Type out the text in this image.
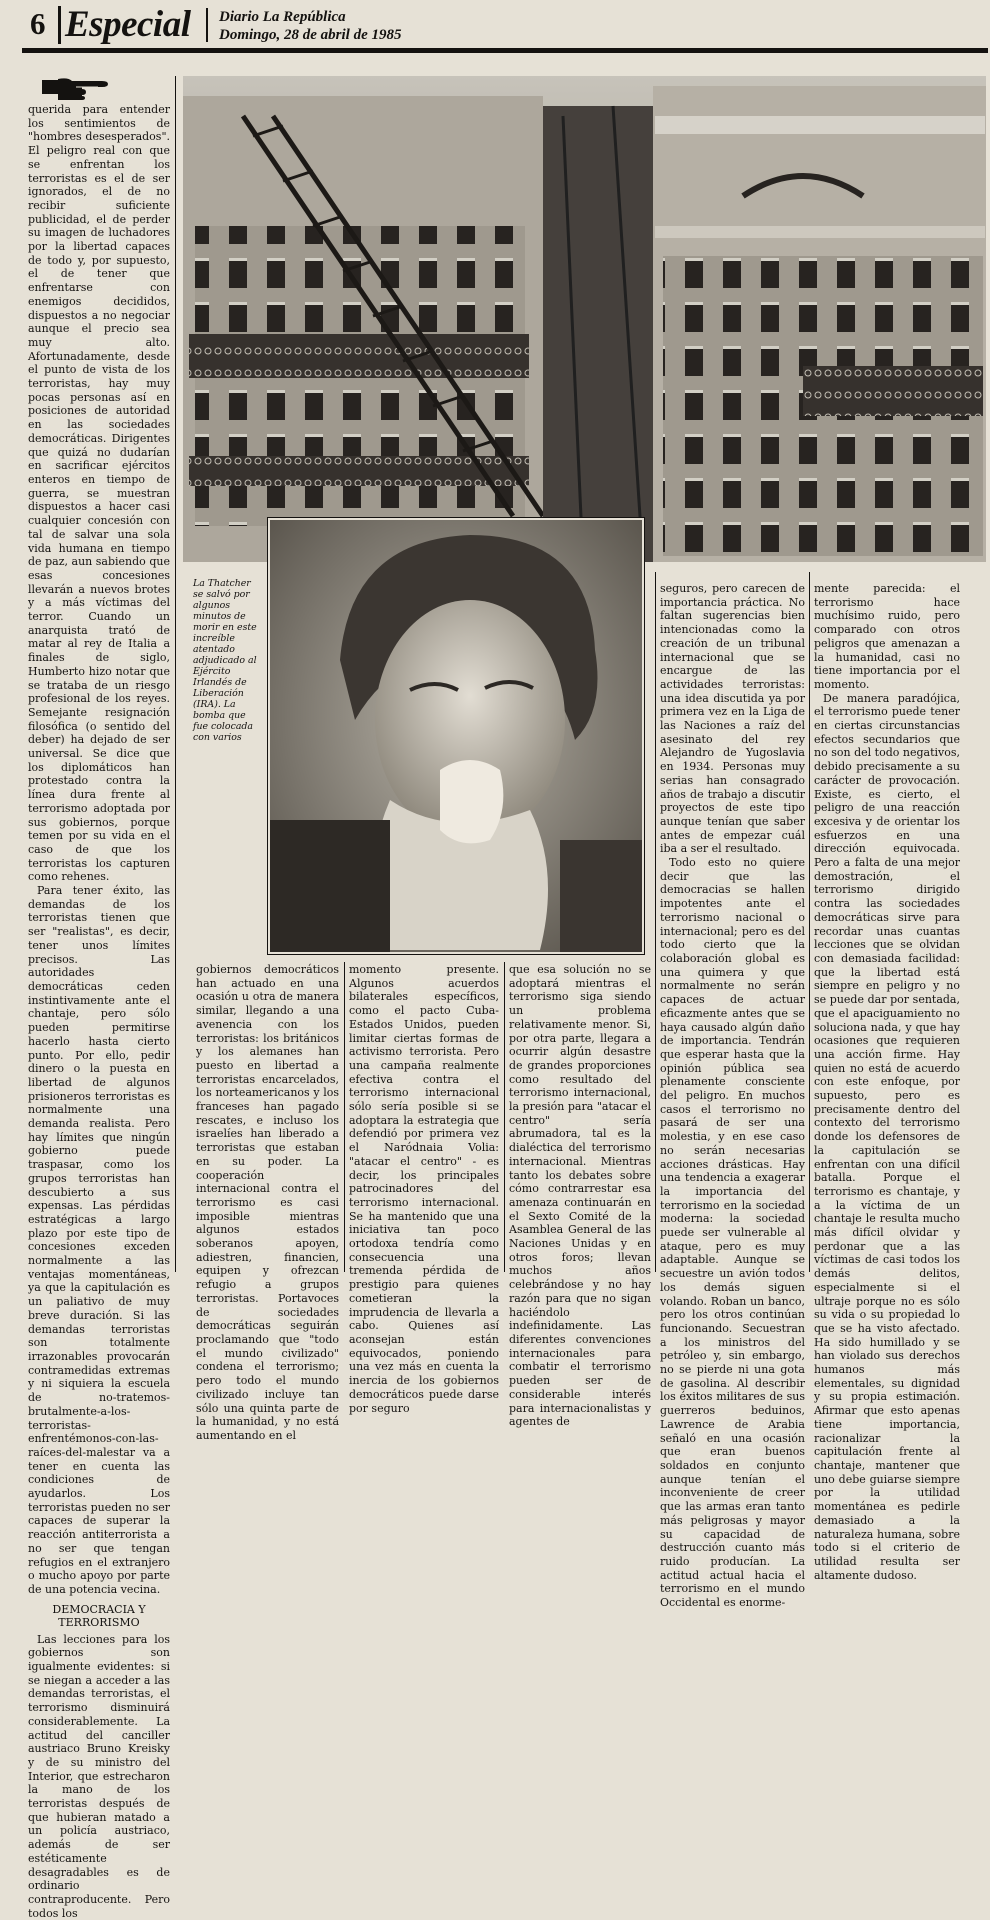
6 Especial Diario La República
Domingo, 28 de abril de 1985

querida para entender los sentimientos de "hombres desesperados". El peligro real con que se enfrentan los terroristas es el de ser ignorados, el de no recibir suficiente publicidad, el de perder su imagen de luchadores por la libertad capaces de todo y, por supuesto, el de tener que enfrentarse con enemigos decididos, dispuestos a no negociar aunque el precio sea muy alto. Afortunadamente, desde el punto de vista de los terroristas, hay muy pocas personas así en posiciones de autoridad en las sociedades democráticas. Dirigentes que quizá no dudarían en sacrificar ejércitos enteros en tiempo de guerra, se muestran dispuestos a hacer casi cualquier concesión con tal de salvar una sola vida humana en tiempo de paz, aun sabiendo que esas concesiones llevarán a nuevos brotes y a más víctimas del terror. Cuando un anarquista trató de matar al rey de Italia a finales de siglo, Humberto hizo notar que se trataba de un riesgo profesional de los reyes. Semejante resignación filosófica (o sentido del deber) ha dejado de ser universal. Se dice que los diplomáticos han protestado contra la línea dura frente al terrorismo adoptada por sus gobiernos, porque temen por su vida en el caso de que los terroristas los capturen como rehenes.

Para tener éxito, las demandas de los terroristas tienen que ser "realistas", es decir, tener unos límites precisos. Las autoridades democráticas ceden instintivamente ante el chantaje, pero sólo pueden permitirse hacerlo hasta cierto punto. Por ello, pedir dinero o la puesta en libertad de algunos prisioneros terroristas es normalmente una demanda realista. Pero hay límites que ningún gobierno puede traspasar, como los grupos terroristas han descubierto a sus expensas. Las pérdidas estratégicas a largo plazo por este tipo de concesiones exceden normalmente a las ventajas momentáneas, ya que la capitulación es un paliativo de muy breve duración. Si las demandas terroristas son totalmente irrazonables provocarán contramedidas extremas y ni siquiera la escuela de no-tratemos-brutalmente-a-los-terroristas-enfrentémonos-con-las-raíces-del-malestar va a tener en cuenta las condiciones de ayudarlos. Los terroristas pueden no ser capaces de superar la reacción antiterrorista a no ser que tengan refugios en el extranjero o mucho apoyo por parte de una potencia vecina.

DEMOCRACIA Y TERRORISMO

Las lecciones para los gobiernos son igualmente evidentes: si se niegan a acceder a las demandas terroristas, el terrorismo disminuirá considerablemente. La actitud del canciller austriaco Bruno Kreisky y de su ministro del Interior, que estrecharon la mano de los terroristas después de que hubieran matado a un policía austriaco, además de ser estéticamente desagradables es de ordinario contraproducente. Pero todos los

La Thatcher se salvó por algunos minutos de morir en este increíble atentado adjudicado al Ejército Irlandés de Liberación (IRA). La bomba que fue colocada con varios

gobiernos democráticos han actuado en una ocasión u otra de manera similar, llegando a una avenencia con los terroristas: los británicos y los alemanes han puesto en libertad a terroristas encarcelados, los norteamericanos y los franceses han pagado rescates, e incluso los israelíes han liberado a terroristas que estaban en su poder. La cooperación internacional contra el terrorismo es casi imposible mientras algunos estados soberanos apoyen, adiestren, financien, equipen y ofrezcan refugio a grupos terroristas. Portavoces de sociedades democráticas seguirán proclamando que "todo el mundo civilizado" condena el terrorismo; pero todo el mundo civilizado incluye tan sólo una quinta parte de la humanidad, y no está aumentando en el

momento presente. Algunos acuerdos bilaterales específicos, como el pacto Cuba-Estados Unidos, pueden limitar ciertas formas de activismo terrorista. Pero una campaña realmente efectiva contra el terrorismo internacional sólo sería posible si se adoptara la estrategia que defendió por primera vez el Naródnaia Volia: "atacar el centro" - es decir, los principales patrocinadores del terrorismo internacional. Se ha mantenido que una iniciativa tan poco ortodoxa tendría como consecuencia una tremenda pérdida de prestigio para quienes cometieran la imprudencia de llevarla a cabo. Quienes así aconsejan están equivocados, poniendo una vez más en cuenta la inercia de los gobiernos democráticos puede darse por seguro

seguros, pero carecen de importancia práctica. No faltan sugerencias bien intencionadas como la creación de un tribunal internacional que se encargue de las actividades terroristas: una idea discutida ya por primera vez en la Liga de las Naciones a raíz del asesinato del rey Alejandro de Yugoslavia en 1934. Personas muy serias han consagrado años de trabajo a discutir proyectos de este tipo aunque tenían que saber antes de empezar cuál iba a ser el resultado.

Todo esto no quiere decir que las democracias se hallen impotentes ante el terrorismo nacional o internacional; pero es del todo cierto que la colaboración global es una quimera y que normalmente no serán capaces de actuar eficazmente antes que se haya causado algún daño de importancia. Tendrán que esperar hasta que la opinión pública sea plenamente consciente del peligro. En muchos casos el terrorismo no pasará de ser una molestia, y en ese caso no serán necesarias acciones drásticas. Hay una tendencia a exagerar la importancia del terrorismo en la sociedad moderna: la sociedad puede ser vulnerable al ataque, pero es muy adaptable. Aunque se secuestre un avión todos los demás siguen volando. Roban un banco, pero los otros continúan funcionando. Secuestran a los ministros del petróleo y, sin embargo, no se pierde ni una gota de gasolina. Al describir los éxitos militares de sus guerreros beduinos, Lawrence de Arabia señaló en una ocasión que eran buenos soldados en conjunto aunque tenían el inconveniente de creer que las armas eran tanto más peligrosas y mayor su capacidad de destrucción cuanto más ruido producían. La actitud actual hacia el terrorismo en el mundo Occidental es enorme-

que esa solución no se adoptará mientras el terrorismo siga siendo un problema relativamente menor. Si, por otra parte, llegara a ocurrir algún desastre de grandes proporciones como resultado del terrorismo internacional, la presión para "atacar el centro" sería abrumadora, tal es la dialéctica del terrorismo internacional. Mientras tanto los debates sobre cómo contrarrestar esa amenaza continuarán en el Sexto Comité de la Asamblea General de las Naciones Unidas y en otros foros; llevan muchos años celebrándose y no hay razón para que no sigan haciéndolo indefinidamente. Las diferentes convenciones internacionales para combatir el terrorismo pueden ser de considerable interés para internacionalistas y agentes de

mente parecida: el terrorismo hace muchísimo ruido, pero comparado con otros peligros que amenazan a la humanidad, casi no tiene importancia por el momento.

De manera paradójica, el terrorismo puede tener en ciertas circunstancias efectos secundarios que no son del todo negativos, debido precisamente a su carácter de provocación. Existe, es cierto, el peligro de una reacción excesiva y de orientar los esfuerzos en una dirección equivocada. Pero a falta de una mejor demostración, el terrorismo dirigido contra las sociedades democráticas sirve para recordar unas cuantas lecciones que se olvidan con demasiada facilidad: que la libertad está siempre en peligro y no se puede dar por sentada, que el apaciguamiento no soluciona nada, y que hay ocasiones que requieren una acción firme. Hay quien no está de acuerdo con este enfoque, por supuesto, pero es precisamente dentro del contexto del terrorismo donde los defensores de la capitulación se enfrentan con una difícil batalla. Porque el terrorismo es chantaje, y a la víctima de un chantaje le resulta mucho más difícil olvidar y perdonar que a las víctimas de casi todos los demás delitos, especialmente si el ultraje porque no es sólo su vida o su propiedad lo que se ha visto afectado. Ha sido humillado y se han violado sus derechos humanos más elementales, su dignidad y su propia estimación. Afirmar que esto apenas tiene importancia, racionalizar la capitulación frente al chantaje, mantener que uno debe guiarse siempre por la utilidad momentánea es pedirle demasiado a la naturaleza humana, sobre todo si el criterio de utilidad resulta ser altamente dudoso.
